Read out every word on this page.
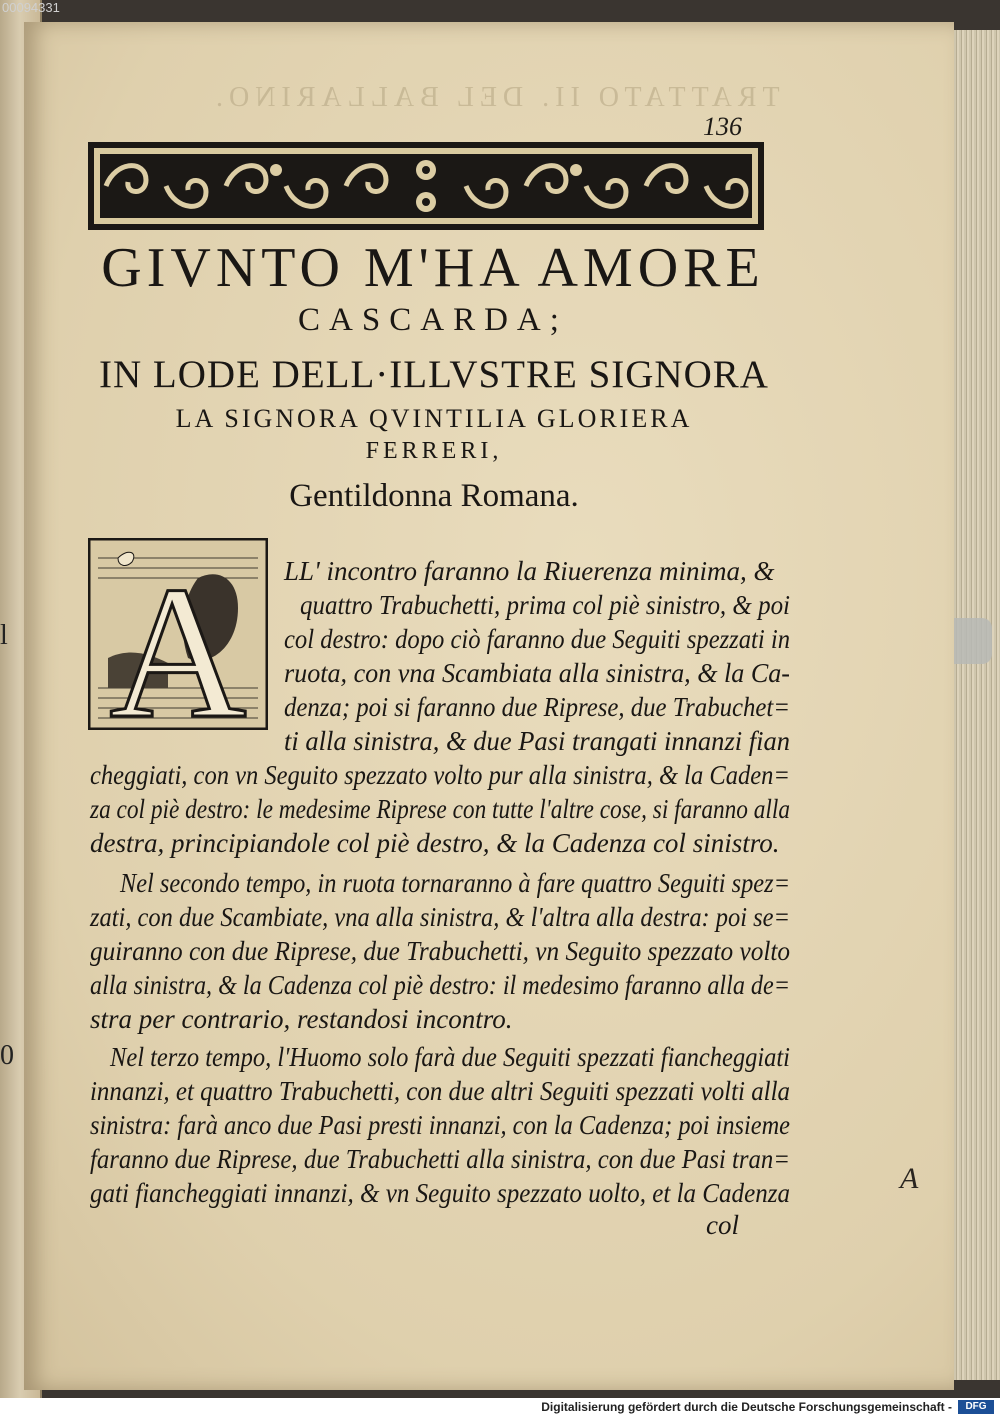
l
0
00094331
TRATTATO II. DEL BALLARINO.
136
GIVNTO M'HA AMORE
CASCARDA;
IN LODE DELL·ILLVSTRE SIGNORA
LA SIGNORA QVINTILIA GLORIERA
FERRERI,
Gentildonna Romana.
A LL' incontro faranno la Riuerenza minima, &
quattro Trabuchetti, prima col piè sinistro, & poi
col destro: dopo ciò faranno due Seguiti spezzati in
ruota, con vna Scambiata alla sinistra, & la Ca-
denza; poi si faranno due Riprese, due Trabuchet=
ti alla sinistra, & due Pasi trangati innanzi fian
cheggiati, con vn Seguito spezzato volto pur alla sinistra, & la Caden=
za col piè destro: le medesime Riprese con tutte l'altre cose, si faranno alla
destra, principiandole col piè destro, & la Cadenza col sinistro.
Nel secondo tempo, in ruota tornaranno à fare quattro Seguiti spez=
zati, con due Scambiate, vna alla sinistra, & l'altra alla destra: poi se=
guiranno con due Riprese, due Trabuchetti, vn Seguito spezzato volto
alla sinistra, & la Cadenza col piè destro: il medesimo faranno alla de=
stra per contrario, restandosi incontro.
Nel terzo tempo, l'Huomo solo farà due Seguiti spezzati fiancheggiati
innanzi, et quattro Trabuchetti, con due altri Seguiti spezzati volti alla
sinistra: farà anco due Pasi presti innanzi, con la Cadenza; poi insieme
faranno due Riprese, due Trabuchetti alla sinistra, con due Pasi tran=
gati fiancheggiati innanzi, & vn Seguito spezzato uolto, et la Cadenza
col
A
Digitalisierung gefördert durch die Deutsche Forschungsgemeinschaft -	DFG
